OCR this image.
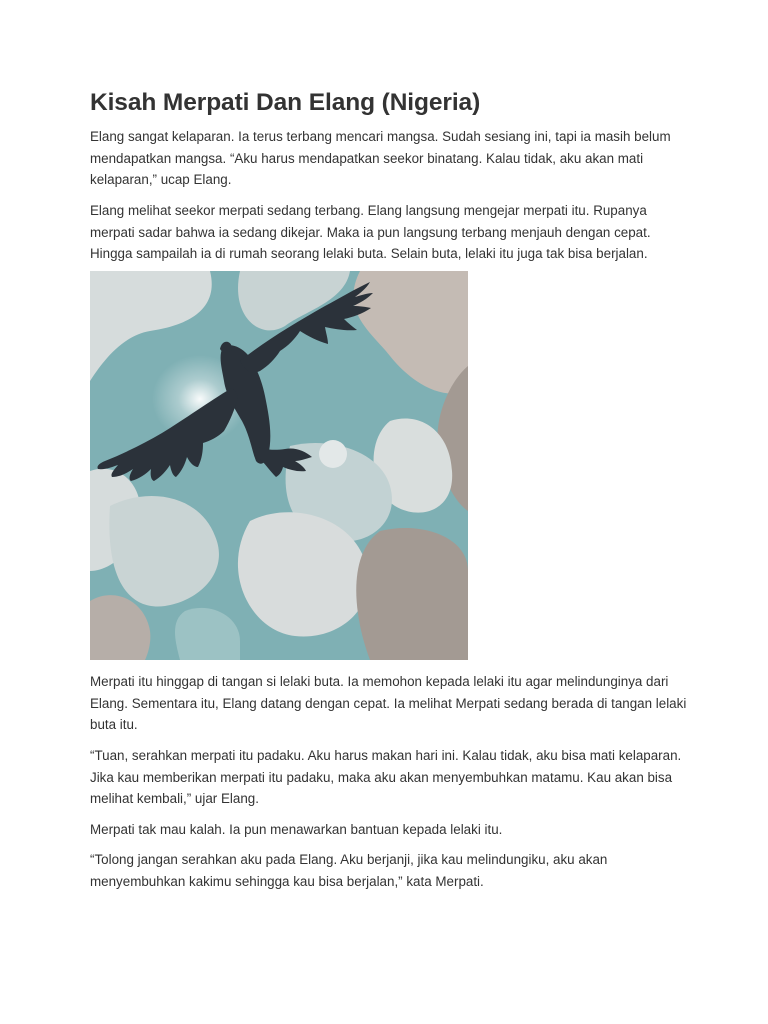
Kisah Merpati Dan Elang (Nigeria)

Elang sangat kelaparan. Ia terus terbang mencari mangsa. Sudah sesiang ini, tapi ia masih belum
mendapatkan mangsa. “Aku harus mendapatkan seekor binatang. Kalau tidak, aku akan mati
kelaparan,” ucap Elang.

Elang melihat seekor merpati sedang terbang. Elang langsung mengejar merpati itu. Rupanya
merpati sadar bahwa ia sedang dikejar. Maka ia pun langsung terbang menjauh dengan cepat.
Hingga sampailah ia di rumah seorang lelaki buta. Selain buta, lelaki itu juga tak bisa berjalan.

Merpati itu hinggap di tangan si lelaki buta. Ia memohon kepada lelaki itu agar melindunginya dari
Elang. Sementara itu, Elang datang dengan cepat. Ia melihat Merpati sedang berada di tangan lelaki
buta itu.

“Tuan, serahkan merpati itu padaku. Aku harus makan hari ini. Kalau tidak, aku bisa mati kelaparan.
Jika kau memberikan merpati itu padaku, maka aku akan menyembuhkan matamu. Kau akan bisa
melihat kembali,” ujar Elang.

Merpati tak mau kalah. Ia pun menawarkan bantuan kepada lelaki itu.

“Tolong jangan serahkan aku pada Elang. Aku berjanji, jika kau melindungiku, aku akan
menyembuhkan kakimu sehingga kau bisa berjalan,” kata Merpati.
